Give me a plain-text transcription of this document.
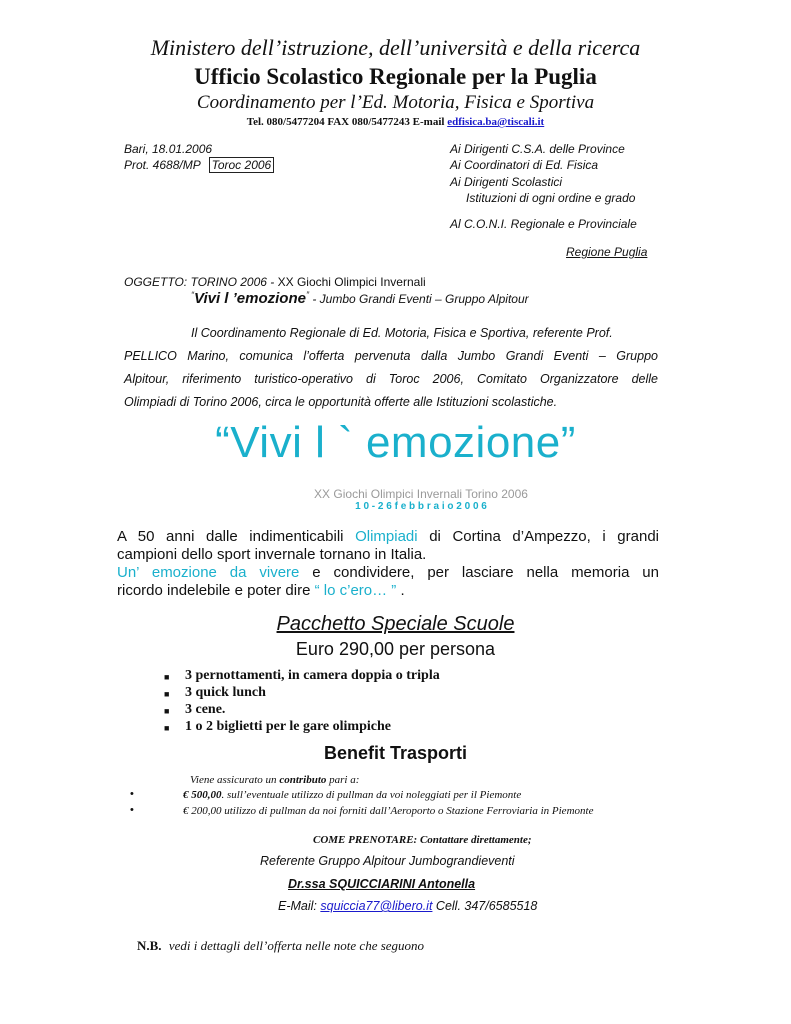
Ministero dell’istruzione, dell’università e della ricerca
Ufficio Scolastico Regionale per la Puglia
Coordinamento per l’Ed. Motoria, Fisica e Sportiva
Tel. 080/5477204 FAX 080/5477243 E-mail edfisica.ba@tiscali.it
Bari, 18.01.2006
Prot. 4688/MP Toroc 2006
Ai Dirigenti C.S.A. delle Province
Ai Coordinatori di Ed. Fisica
Ai Dirigenti Scolastici
Istituzioni di ogni ordine e grado
Al C.O.N.I. Regionale e Provinciale
Regione Puglia
OGGETTO: TORINO 2006 - XX Giochi Olimpici Invernali
“Vivi l ’emozione” - Jumbo Grandi Eventi – Gruppo Alpitour
Il Coordinamento Regionale di Ed. Motoria, Fisica e Sportiva, referente Prof.
PELLICO Marino, comunica l’offerta pervenuta dalla Jumbo Grandi Eventi – Gruppo
Alpitour, riferimento turistico-operativo di Toroc 2006, Comitato Organizzatore delle
Olimpiadi di Torino 2006, circa le opportunità offerte alle Istituzioni scolastiche.
“Vivi l ` emozione”
XX Giochi Olimpici Invernali Torino 2006
1 0 - 2 6 f e b b r a i o 2 0 0 6
A 50 anni dalle indimenticabili Olimpiadi di Cortina d’Ampezzo, i grandi
campioni dello sport invernale tornano in Italia.
Un’ emozione da vivere e condividere, per lasciare nella memoria un
ricordo indelebile e poter dire “ lo c’ero… ” .
Pacchetto Speciale Scuole
Euro 290,00 per persona
■ 3 pernottamenti, in camera doppia o tripla
■ 3 quick lunch
■ 3 cene.
■ 1 o 2 biglietti per le gare olimpiche
Benefit Trasporti
Viene assicurato un contributo pari a:
•	€ 500,00. sull’eventuale utilizzo di pullman da voi noleggiati per il Piemonte
•	€ 200,00 utilizzo di pullman da noi forniti dall’Aeroporto o Stazione Ferroviaria in Piemonte
COME PRENOTARE: Contattare direttamente;
Referente Gruppo Alpitour Jumbograndieventi
Dr.ssa SQUICCIARINI Antonella
E-Mail: squiccia77@libero.it Cell. 347/6585518
N.B. vedi i dettagli dell’offerta nelle note che seguono
